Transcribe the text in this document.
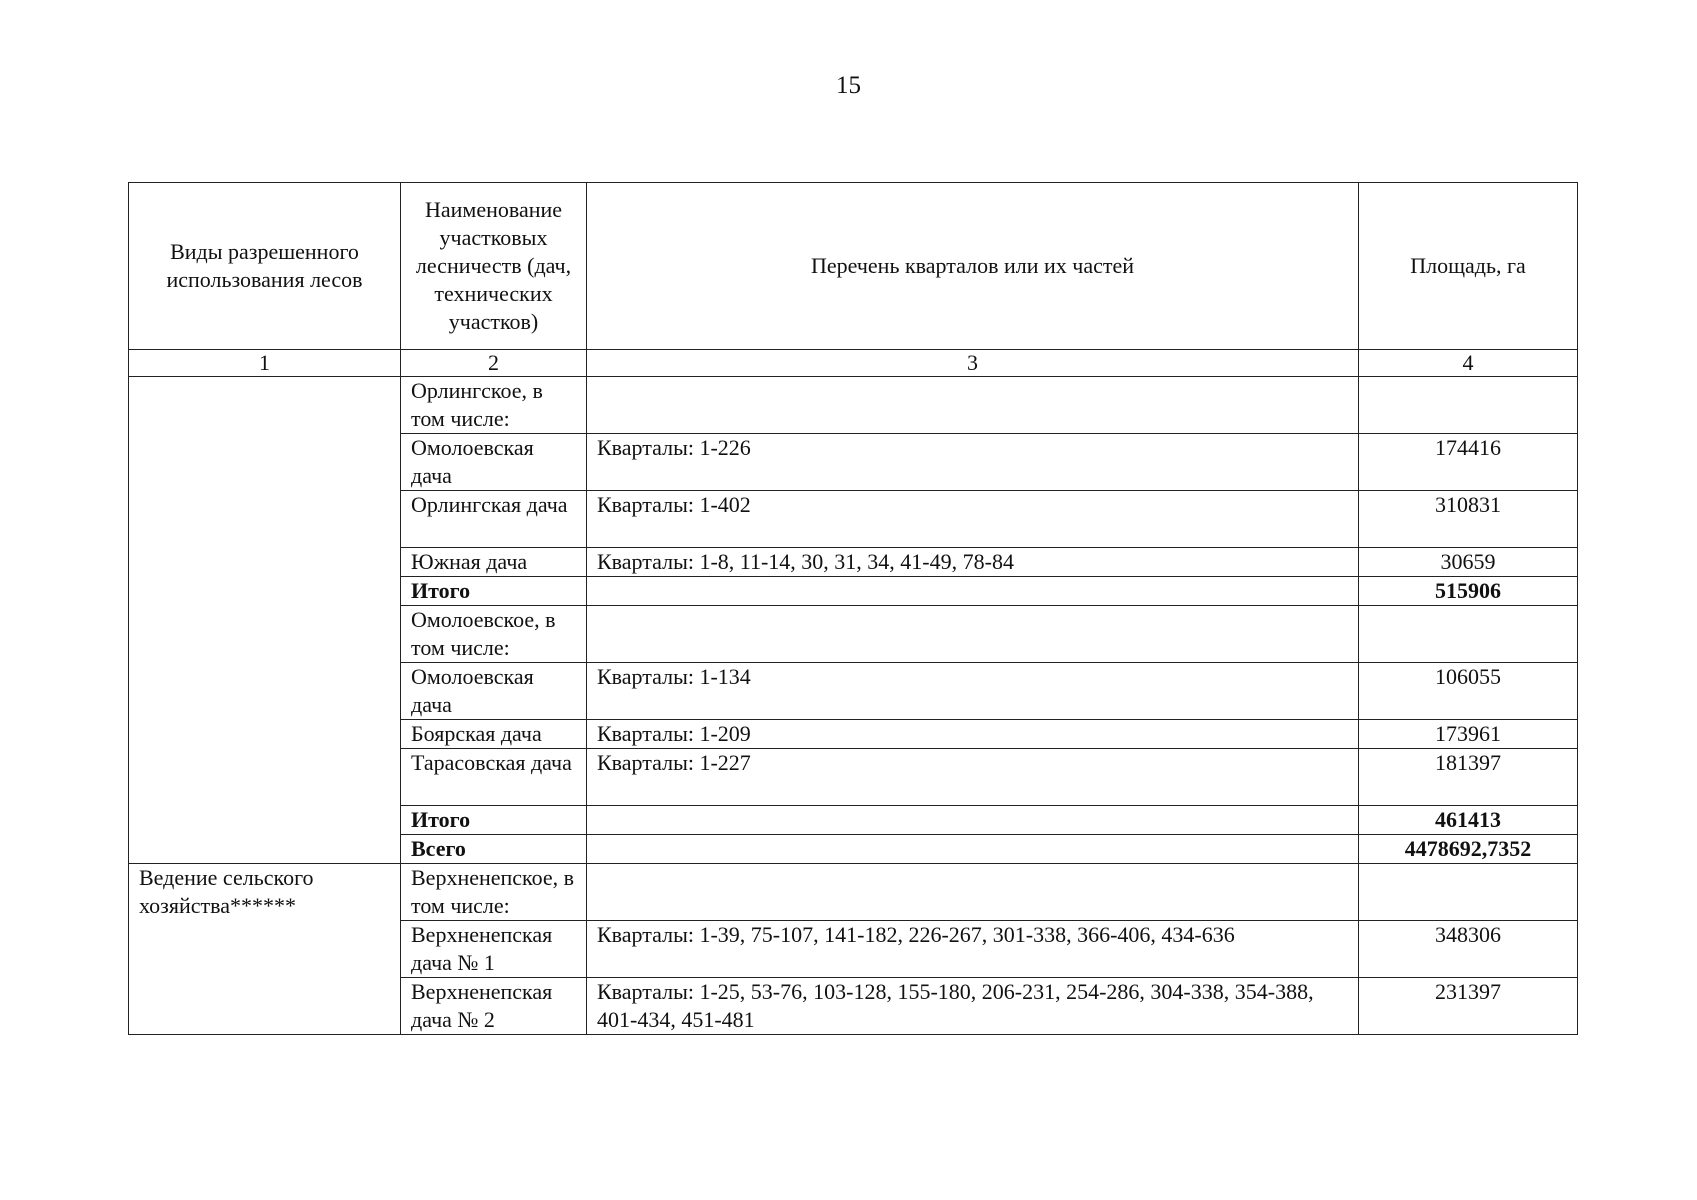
15
Виды разрешенного использования лесов	Наименование участковых лесничеств (дач, технических участков)	Перечень кварталов или их частей	Площадь, га
1	2	3	4
	Орлингское, в том числе:		
	Омолоевская дача	Кварталы: 1-226	174416
	Орлингская дача	Кварталы: 1-402	310831
	Южная дача	Кварталы: 1-8, 11-14, 30, 31, 34, 41-49, 78-84	30659
	Итого		515906
	Омолоевское, в том числе:		
	Омолоевская дача	Кварталы: 1-134	106055
	Боярская дача	Кварталы: 1-209	173961
	Тарасовская дача	Кварталы: 1-227	181397
	Итого		461413
	Всего		4478692,7352
Ведение сельского хозяйства******	Верхненепское, в том числе:		
	Верхненепская дача № 1	Кварталы: 1-39, 75-107, 141-182, 226-267, 301-338, 366-406, 434-636	348306
	Верхненепская дача № 2	Кварталы: 1-25, 53-76, 103-128, 155-180, 206-231, 254-286, 304-338, 354-388, 401-434, 451-481	231397
